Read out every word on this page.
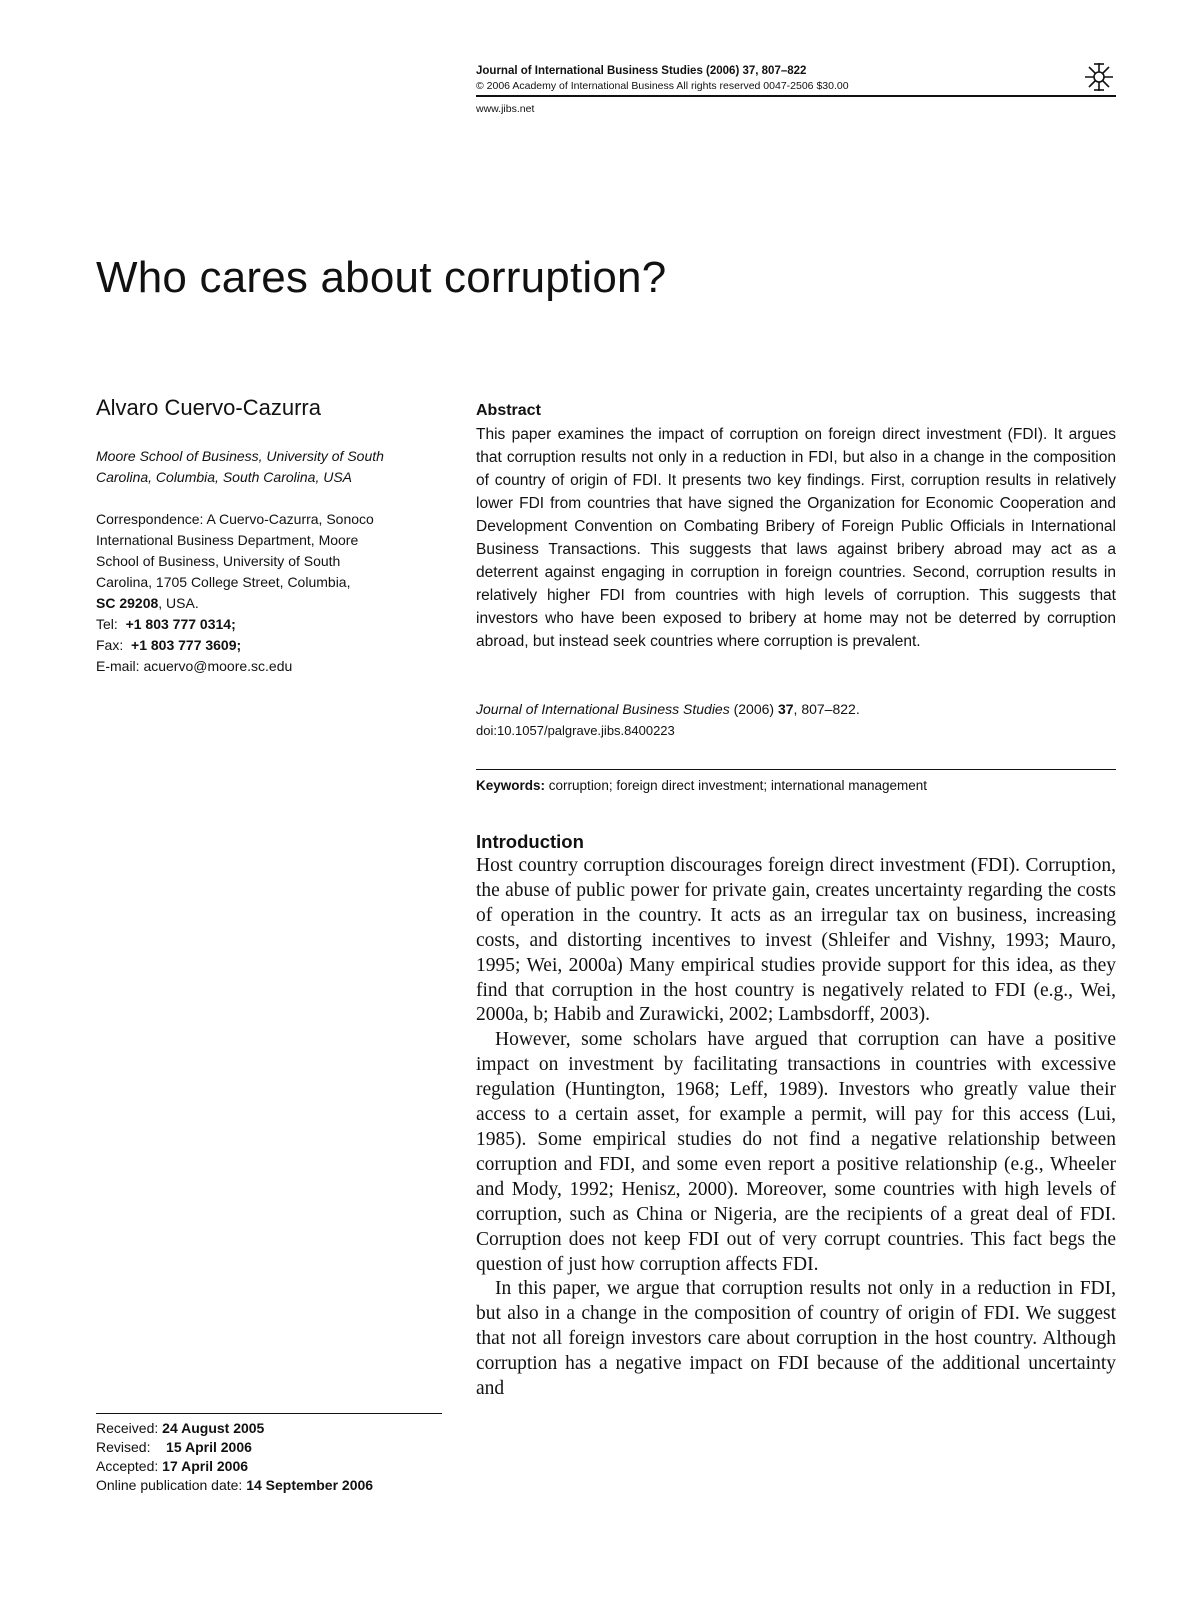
Journal of International Business Studies (2006) 37, 807–822
© 2006 Academy of International Business All rights reserved 0047-2506 $30.00
www.jibs.net
Who cares about corruption?
Alvaro Cuervo-Cazurra
Moore School of Business, University of South Carolina, Columbia, South Carolina, USA
Correspondence: A Cuervo-Cazurra, Sonoco
International Business Department, Moore
School of Business, University of South
Carolina, 1705 College Street, Columbia,
SC 29208, USA.
Tel: +1 803 777 0314;
Fax: +1 803 777 3609;
E-mail: acuervo@moore.sc.edu
Received: 24 August 2005
Revised: 15 April 2006
Accepted: 17 April 2006
Online publication date: 14 September 2006
Abstract
This paper examines the impact of corruption on foreign direct investment (FDI). It argues that corruption results not only in a reduction in FDI, but also in a change in the composition of country of origin of FDI. It presents two key findings. First, corruption results in relatively lower FDI from countries that have signed the Organization for Economic Cooperation and Development Convention on Combating Bribery of Foreign Public Officials in International Business Transactions. This suggests that laws against bribery abroad may act as a deterrent against engaging in corruption in foreign countries. Second, corruption results in relatively higher FDI from countries with high levels of corruption. This suggests that investors who have been exposed to bribery at home may not be deterred by corruption abroad, but instead seek countries where corruption is prevalent.
Journal of International Business Studies (2006) 37, 807–822.
doi:10.1057/palgrave.jibs.8400223
Keywords: corruption; foreign direct investment; international management
Introduction

Host country corruption discourages foreign direct investment (FDI). Corruption, the abuse of public power for private gain, creates uncertainty regarding the costs of operation in the country. It acts as an irregular tax on business, increasing costs, and distorting incentives to invest (Shleifer and Vishny, 1993; Mauro, 1995; Wei, 2000a) Many empirical studies provide support for this idea, as they find that corruption in the host country is negatively related to FDI (e.g., Wei, 2000a, b; Habib and Zurawicki, 2002; Lambsdorff, 2003).

However, some scholars have argued that corruption can have a positive impact on investment by facilitating transactions in countries with excessive regulation (Huntington, 1968; Leff, 1989). Investors who greatly value their access to a certain asset, for example a permit, will pay for this access (Lui, 1985). Some empirical studies do not find a negative relationship between corruption and FDI, and some even report a positive relationship (e.g., Wheeler and Mody, 1992; Henisz, 2000). Moreover, some countries with high levels of corruption, such as China or Nigeria, are the recipients of a great deal of FDI. Corruption does not keep FDI out of very corrupt countries. This fact begs the question of just how corruption affects FDI.

In this paper, we argue that corruption results not only in a reduction in FDI, but also in a change in the composition of country of origin of FDI. We suggest that not all foreign investors care about corruption in the host country. Although corruption has a negative impact on FDI because of the additional uncertainty and
